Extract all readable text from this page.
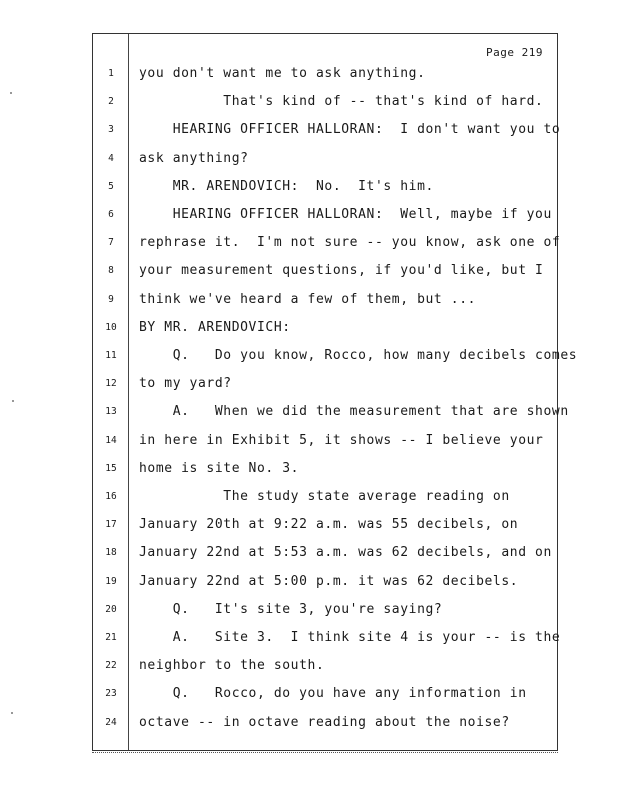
Page 219
1	you don't want me to ask anything.
2	That's kind of -- that's kind of hard.
3	HEARING OFFICER HALLORAN:  I don't want you to
4	ask anything?
5	MR. ARENDOVICH:  No.  It's him.
6	HEARING OFFICER HALLORAN:  Well, maybe if you
7	rephrase it.  I'm not sure -- you know, ask one of
8	your measurement questions, if you'd like, but I
9	think we've heard a few of them, but ...
10	BY MR. ARENDOVICH:
11	Q.   Do you know, Rocco, how many decibels comes
12	to my yard?
13	A.   When we did the measurement that are shown
14	in here in Exhibit 5, it shows -- I believe your
15	home is site No. 3.
16	The study state average reading on
17	January 20th at 9:22 a.m. was 55 decibels, on
18	January 22nd at 5:53 a.m. was 62 decibels, and on
19	January 22nd at 5:00 p.m. it was 62 decibels.
20	Q.   It's site 3, you're saying?
21	A.   Site 3.  I think site 4 is your -- is the
22	neighbor to the south.
23	Q.   Rocco, do you have any information in
24	octave -- in octave reading about the noise?
